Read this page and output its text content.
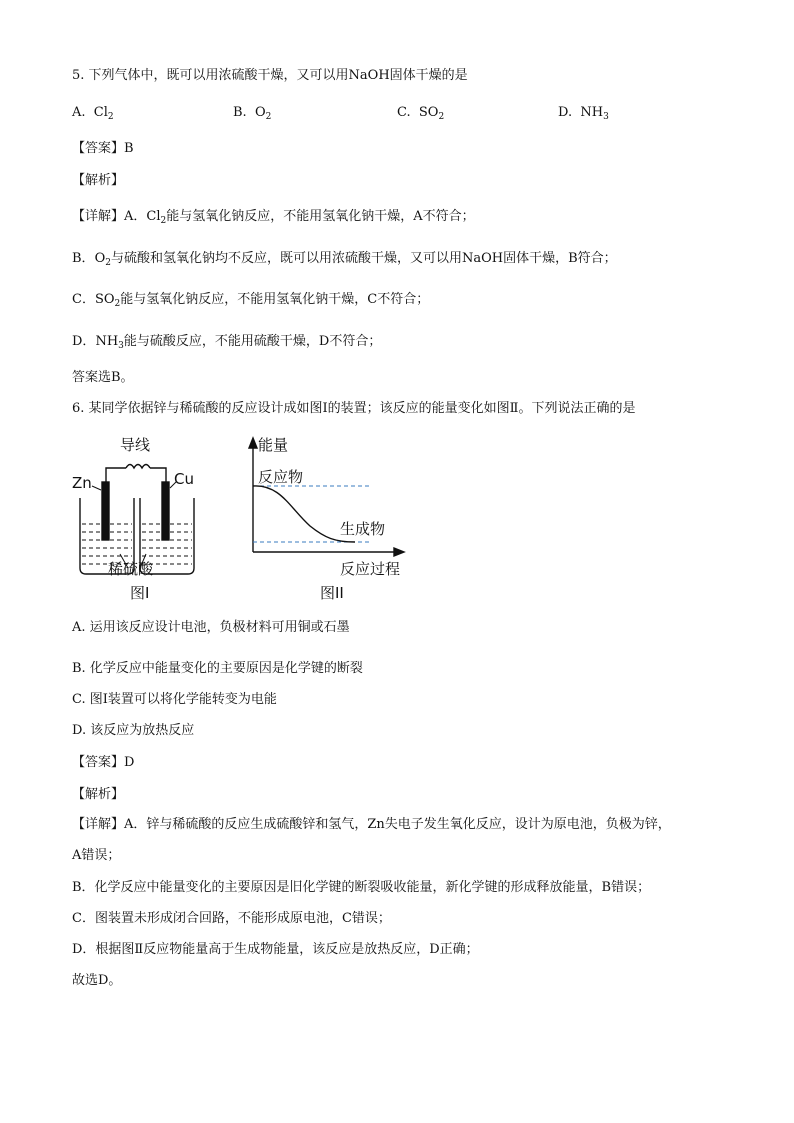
5. 下列气体中，既可以用浓硫酸干燥，又可以用NaOH固体干燥的是
A. $Cl_2$	B. $O_2$	C. $SO_2$	D. $NH_3$
【答案】B
【解析】
【详解】A．$Cl_2$能与氢氧化钠反应，不能用氢氧化钠干燥，A不符合；
B．$O_2$与硫酸和氢氧化钠均不反应，既可以用浓硫酸干燥，又可以用NaOH固体干燥，B符合；
C．$SO_2$能与氢氧化钠反应，不能用氢氧化钠干燥，C不符合；
D．$NH_3$能与硫酸反应，不能用硫酸干燥，D不符合；
答案选B。
6. 某同学依据锌与稀硫酸的反应设计成如图Ⅰ的装置；该反应的能量变化如图Ⅱ。下列说法正确的是
导线
Zn	Cu
稀硫酸
图I
能量
反应物
生成物
反应过程
图II
A. 运用该反应设计电池，负极材料可用铜或石墨
B. 化学反应中能量变化的主要原因是化学键的断裂
C. 图Ⅰ装置可以将化学能转变为电能
D. 该反应为放热反应
【答案】D
【解析】
【详解】A．锌与稀硫酸的反应生成硫酸锌和氢气，Zn失电子发生氧化反应，设计为原电池，负极为锌，
A错误；
B．化学反应中能量变化的主要原因是旧化学键的断裂吸收能量，新化学键的形成释放能量，B错误；
C．图装置未形成闭合回路，不能形成原电池，C错误；
D．根据图Ⅱ反应物能量高于生成物能量，该反应是放热反应，D正确；
故选D。
